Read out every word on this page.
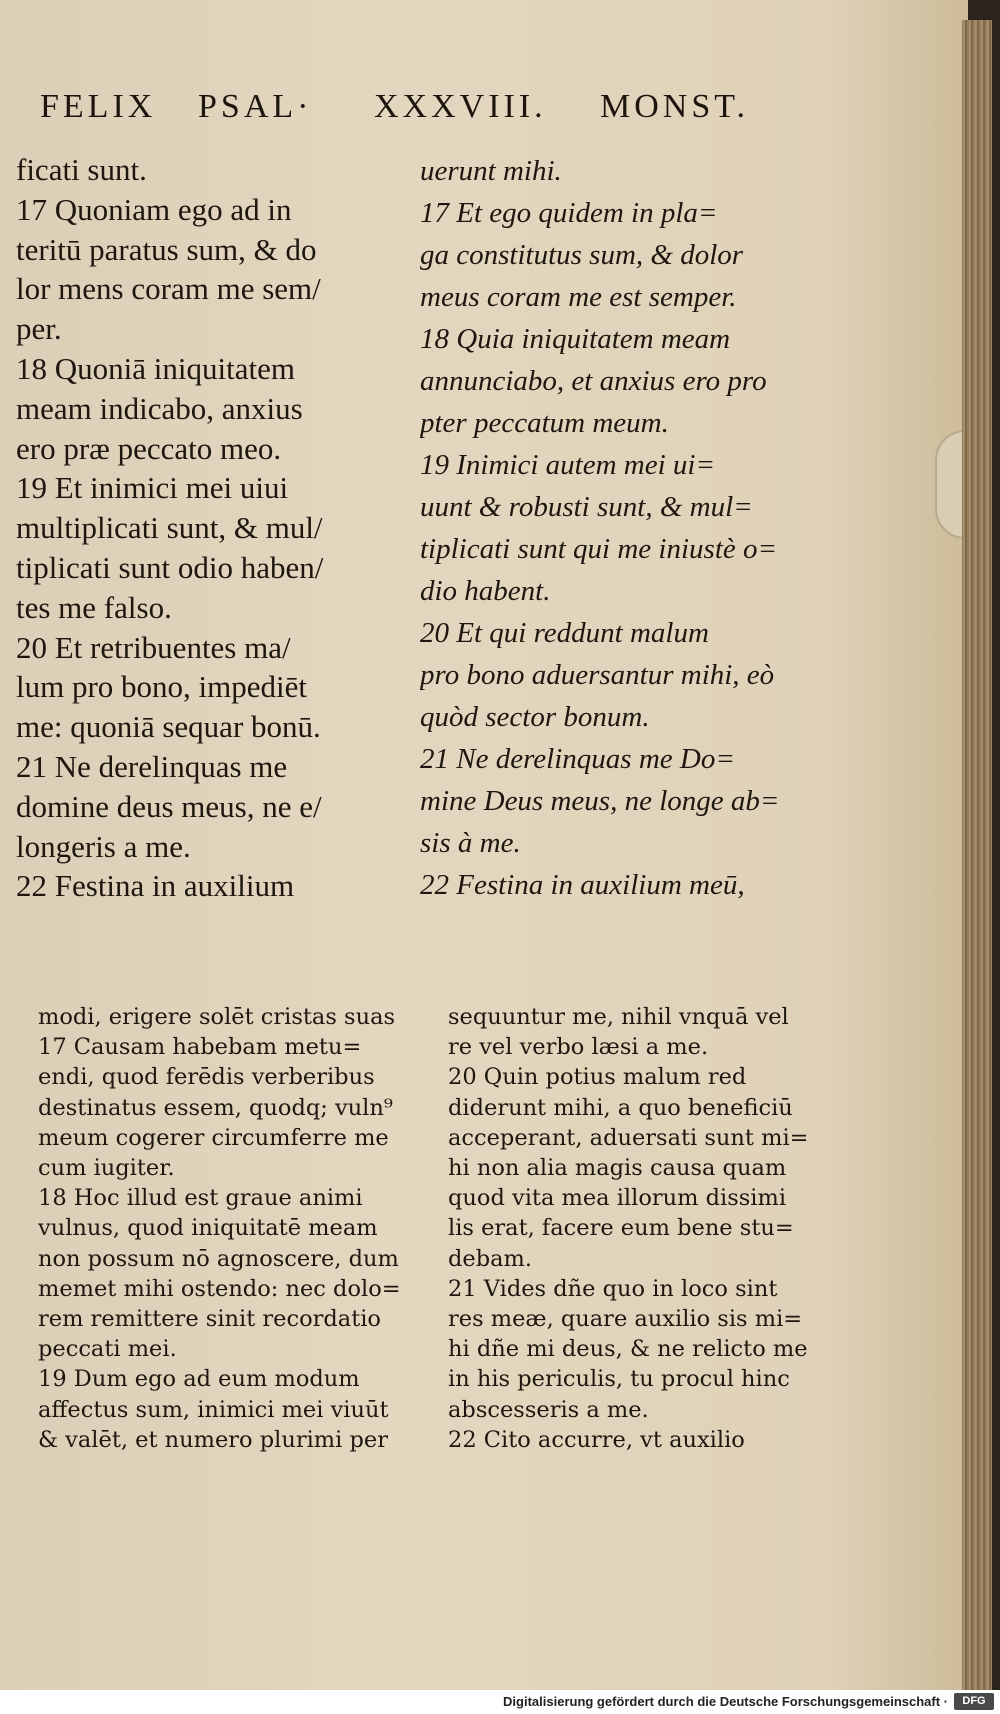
FELIX PSAL· XXXVIII. MONST.
ficati sunt.
17 Quoniam ego ad in
teritū paratus sum, & do
lor mens coram me sem/
per.
18 Quoniā iniquitatem
meam indicabo, anxius
ero præ peccato meo.
19 Et inimici mei uiui
multiplicati sunt, & mul/
tiplicati sunt odio haben/
tes me falso.
20 Et retribuentes ma/
lum pro bono, impediēt
me: quoniā sequar bonū.
21 Ne derelinquas me
domine deus meus, ne e/
longeris a me.
22 Festina in auxilium
uerunt mihi.
17 Et ego quidem in pla=
ga constitutus sum, & dolor
meus coram me est semper.
18 Quia iniquitatem meam
annunciabo, et anxius ero pro
pter peccatum meum.
19 Inimici autem mei ui=
uunt & robusti sunt, & mul=
tiplicati sunt qui me iniustè o=
dio habent.
20 Et qui reddunt malum
pro bono aduersantur mihi, eò
quòd sector bonum.
21 Ne derelinquas me Do=
mine Deus meus, ne longe ab=
sis à me.
22 Festina in auxilium meū,
modi, erigere solēt cristas suas
17 Causam habebam metu=
endi, quod ferēdis verberibus
destinatus essem, quodq; vuln⁹
meum cogerer circumferre me
cum iugiter.
18 Hoc illud est graue animi
vulnus, quod iniquitatē meam
non possum nō agnoscere, dum
memet mihi ostendo: nec dolo=
rem remittere sinit recordatio
peccati mei.
19 Dum ego ad eum modum
affectus sum, inimici mei viuūt
& valēt, et numero plurimi per
sequuntur me, nihil vnquā vel
re vel verbo læsi a me.
20 Quin potius malum red
diderunt mihi, a quo beneficiū
acceperant, aduersati sunt mi=
hi non alia magis causa quam
quod vita mea illorum dissimi
lis erat, facere eum bene stu=
debam.
21 Vides dñe quo in loco sint
res meæ, quare auxilio sis mi=
hi dñe mi deus, & ne relicto me
in his periculis, tu procul hinc
abscesseris a me.
22 Cito accurre, vt auxilio
Digitalisierung gefördert durch die Deutsche Forschungsgemeinschaft ·	DFG
